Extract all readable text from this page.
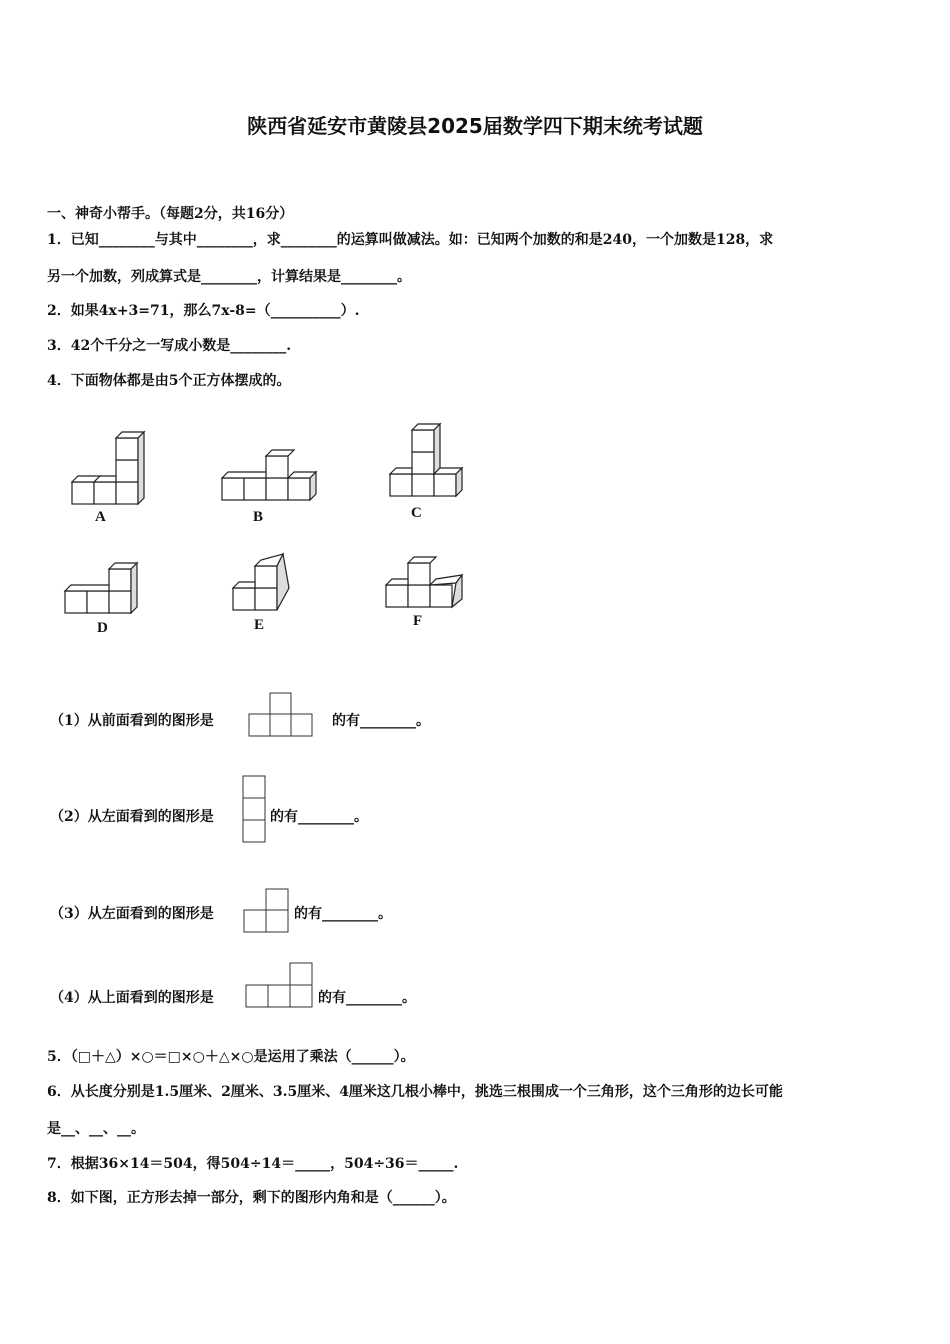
陕西省延安市黄陵县2025届数学四下期末统考试题
一、神奇小帮手。（每题2分，共16分）
1．已知________与其中________，求________的运算叫做减法。如：已知两个加数的和是240，一个加数是128，求
另一个加数，列成算式是________，计算结果是________。
2．如果4x+3=71，那么7x-8=（__________）.
3．42个千分之一写成小数是________.
4．下面物体都是由5个正方体摆成的。
A	B	C
D	E	F
（1）从前面看到的图形是	的有________。
（2）从左面看到的图形是	的有________。
（3）从左面看到的图形是	的有________。
（4）从上面看到的图形是	的有________。
5．（□＋△）×○＝□×○＋△×○是运用了乘法（______）。
6．从长度分别是1.5厘米、2厘米、3.5厘米、4厘米这几根小棒中，挑选三根围成一个三角形，这个三角形的边长可能
是__、__、__。
7．根据36×14＝504，得504÷14＝_____，504÷36＝_____.
8．如下图，正方形去掉一部分，剩下的图形内角和是（______）。
